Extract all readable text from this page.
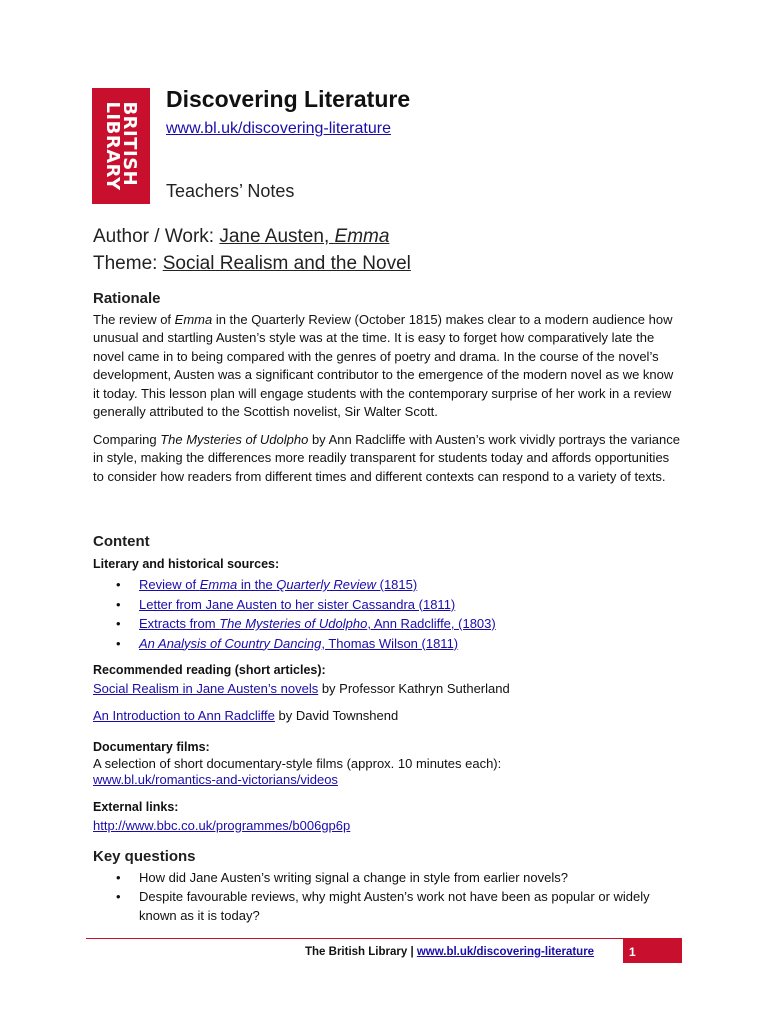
BRITISH
LIBRARY
Discovering Literature
www.bl.uk/discovering-literature
Teachers’ Notes
Author / Work: Jane Austen, Emma
Theme: Social Realism and the Novel
Rationale

The review of Emma in the Quarterly Review (October 1815) makes clear to a modern audience how unusual and startling Austen’s style was at the time. It is easy to forget how comparatively late the novel came in to being compared with the genres of poetry and drama. In the course of the novel’s development, Austen was a significant contributor to the emergence of the modern novel as we know it today. This lesson plan will engage students with the contemporary surprise of her work in a review generally attributed to the Scottish novelist, Sir Walter Scott.

Comparing The Mysteries of Udolpho by Ann Radcliffe with Austen’s work vividly portrays the variance in style, making the differences more readily transparent for students today and affords opportunities to consider how readers from different times and different contexts can respond to a variety of texts.

Content
Literary and historical sources:
• Review of Emma in the Quarterly Review (1815)
• Letter from Jane Austen to her sister Cassandra (1811)
• Extracts from The Mysteries of Udolpho, Ann Radcliffe, (1803)
• An Analysis of Country Dancing, Thomas Wilson (1811)
Recommended reading (short articles):

Social Realism in Jane Austen’s novels by Professor Kathryn Sutherland

An Introduction to Ann Radcliffe by David Townshend

Documentary films:

A selection of short documentary-style films (approx. 10 minutes each):

www.bl.uk/romantics-and-victorians/videos

External links:

http://www.bbc.co.uk/programmes/b006gp6p

Key questions
• How did Jane Austen’s writing signal a change in style from earlier novels?
• Despite favourable reviews, why might Austen’s work not have been as popular or widely known as it is today?
The British Library | www.bl.uk/discovering-literature	1
